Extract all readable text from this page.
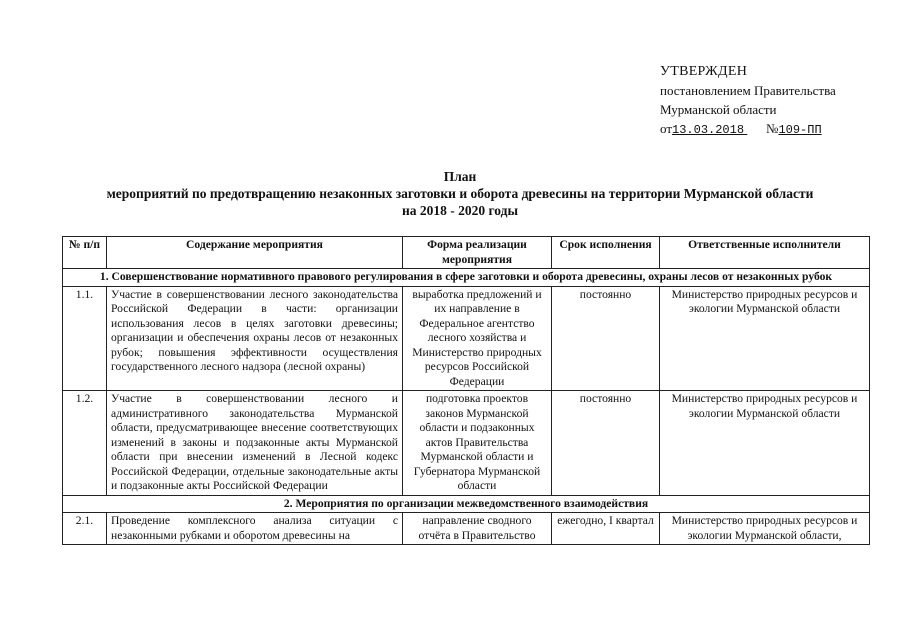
УТВЕРЖДЕН
постановлением Правительства
Мурманской области
от13.03.2018 №109-ПП
План
мероприятий по предотвращению незаконных заготовки и оборота древесины на территории Мурманской области
на 2018 - 2020 годы
№ п/п	Содержание мероприятия	Форма реализации мероприятия	Срок исполнения	Ответственные исполнители
1. Совершенствование нормативного правового регулирования в сфере заготовки и оборота древесины, охраны лесов от незаконных рубок				
1.1.	Участие в совершенствовании лесного законодательства Российской Федерации в части: организации использования лесов в целях заготовки древесины; организации и обеспечения охраны лесов от незаконных рубок; повышения эффективности осуществления государственного лесного надзора (лесной охраны)	выработка предложений и их направление в Федеральное агентство лесного хозяйства и Министерство природных ресурсов Российской Федерации	постоянно	Министерство природных ресурсов и экологии Мурманской области
1.2.	Участие в совершенствовании лесного и административного законодательства Мурманской области, предусматривающее внесение соответствующих изменений в законы и подзаконные акты Мурманской области при внесении изменений в Лесной кодекс Российской Федерации, отдельные законодательные акты и подзаконные акты Российской Федерации	подготовка проектов законов Мурманской области и подзаконных актов Правительства Мурманской области и Губернатора Мурманской области	постоянно	Министерство природных ресурсов и экологии Мурманской области
2. Мероприятия по организации межведомственного взаимодействия				
2.1.	Проведение комплексного анализа ситуации с незаконными рубками и оборотом древесины на	направление сводного отчёта в Правительство	ежегодно, I квартал	Министерство природных ресурсов и экологии Мурманской области,
